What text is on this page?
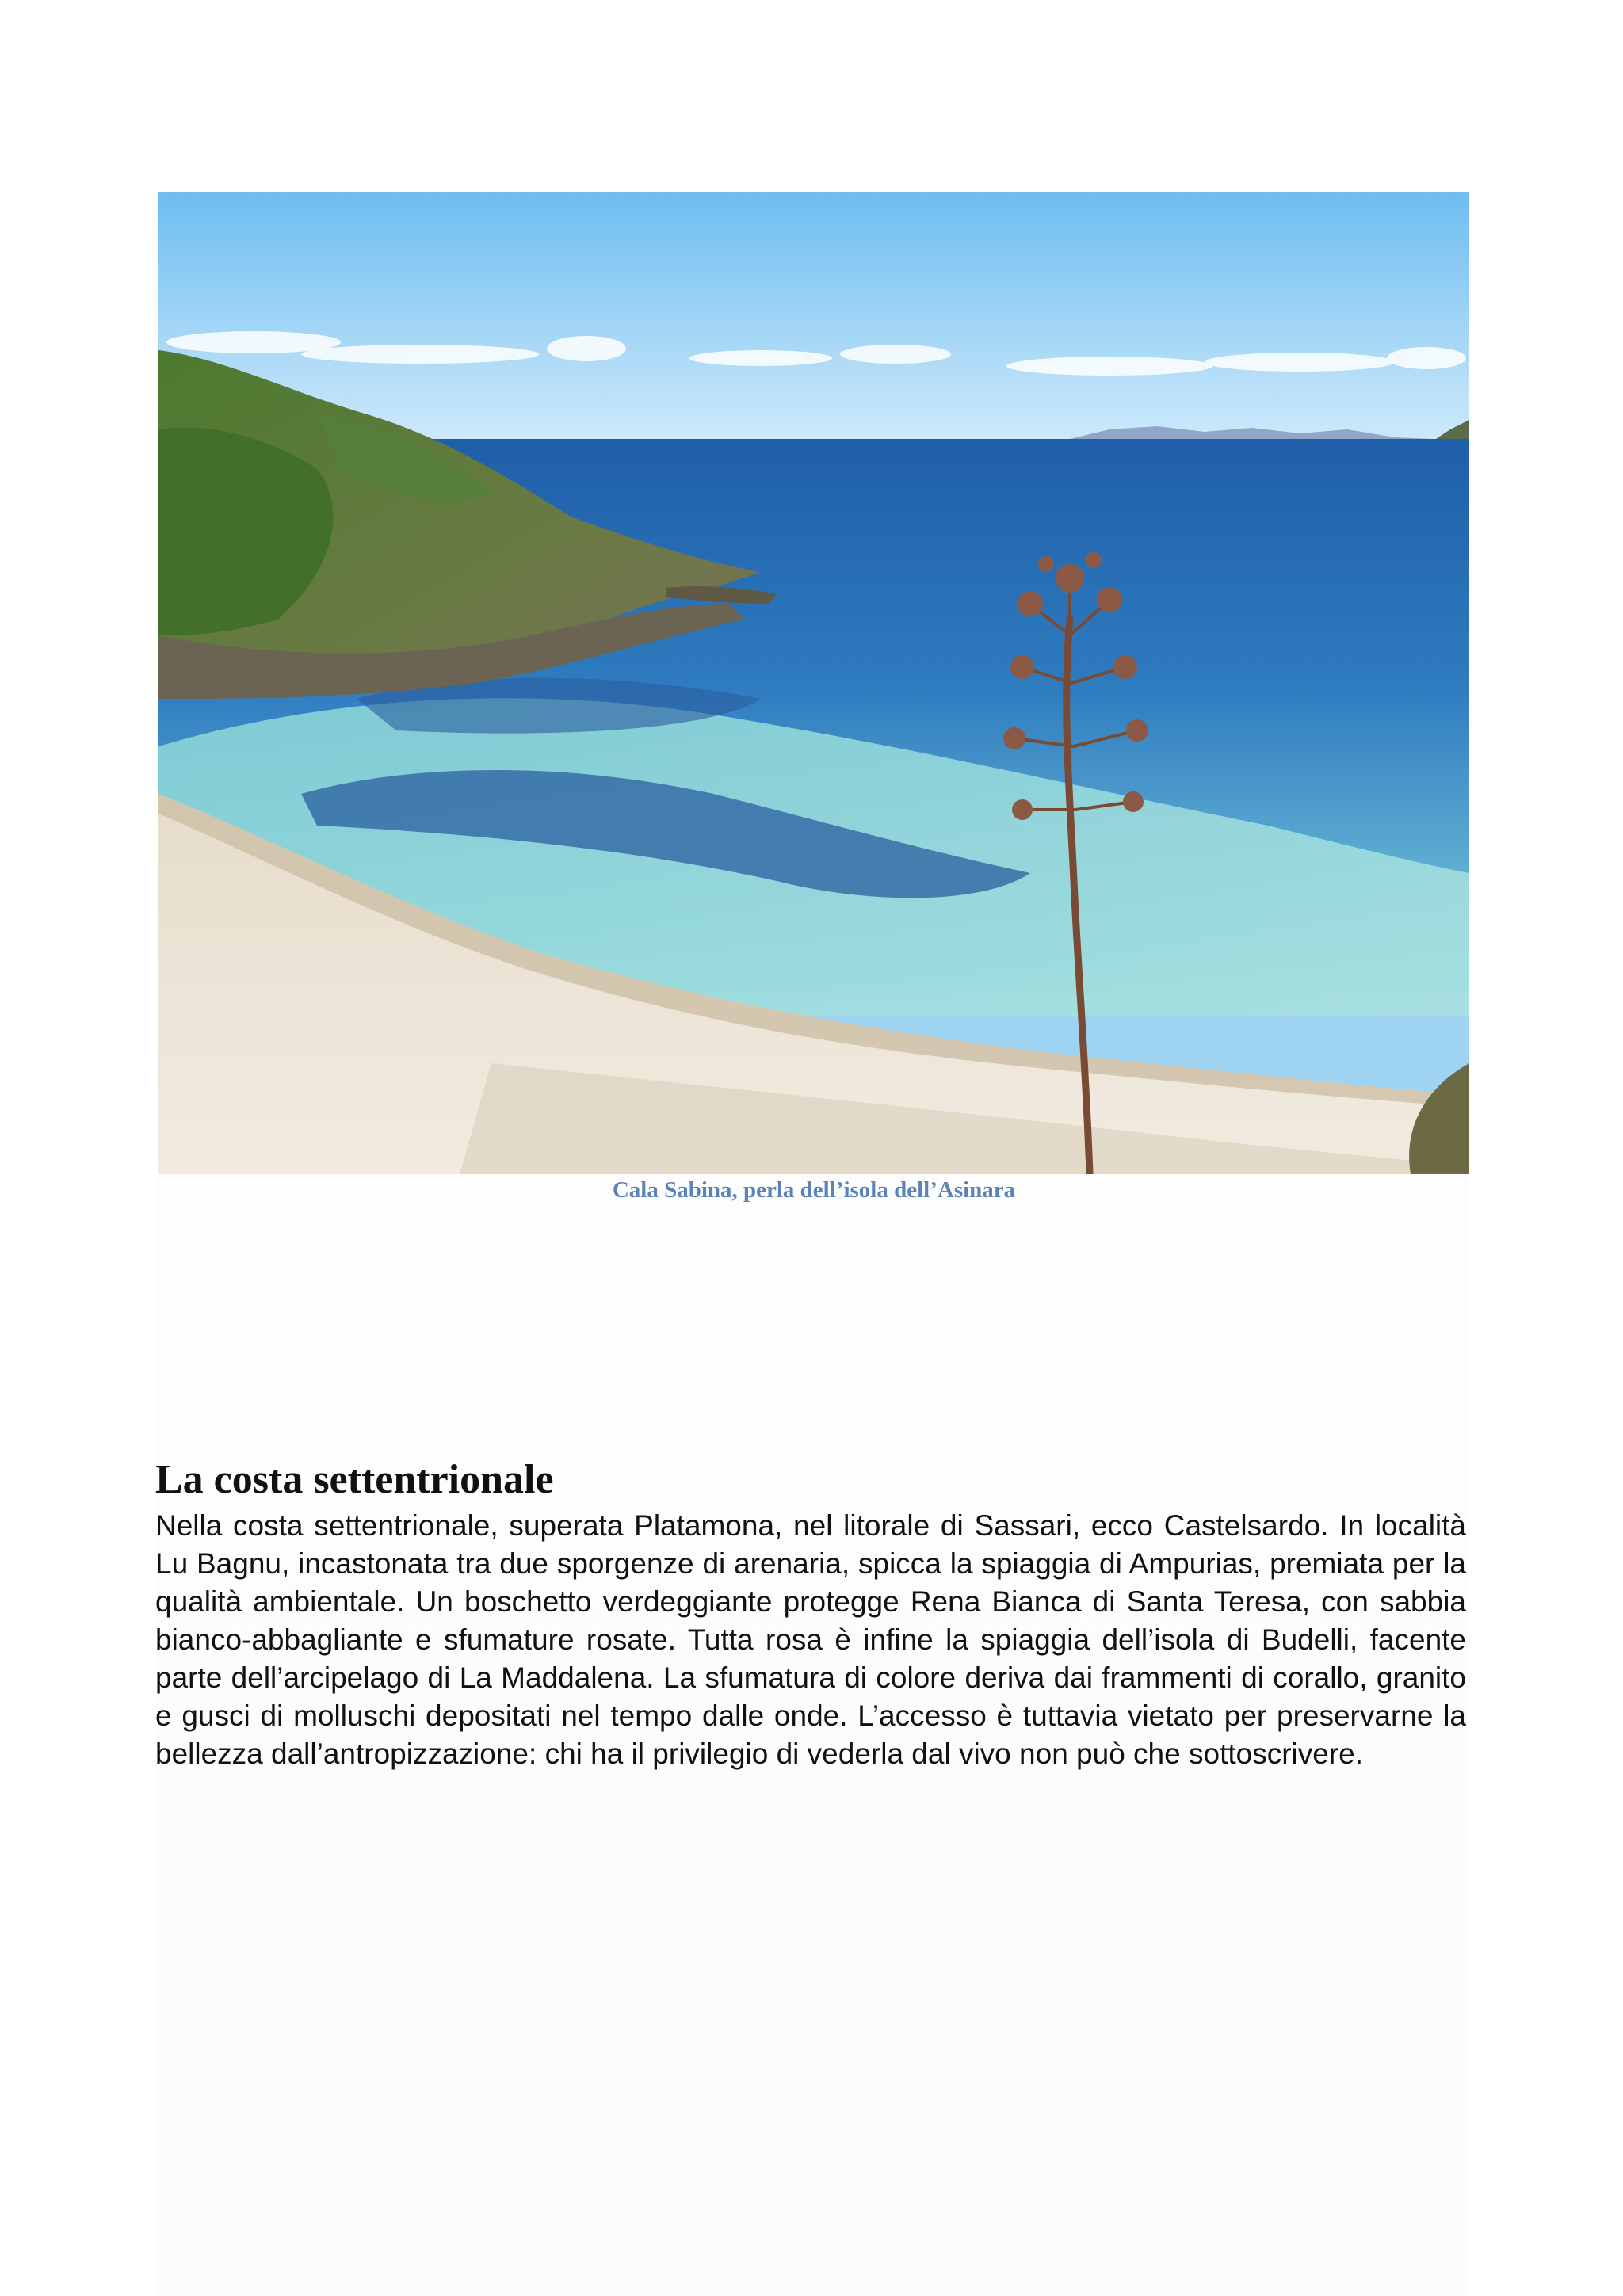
Cala Sabina, perla dell’isola dell’Asinara
La costa settentrionale

Nella costa settentrionale, superata Platamona, nel litorale di Sassari, ecco Castelsardo. In località Lu Bagnu, incastonata tra due sporgenze di arenaria, spicca la spiaggia di Ampurias, premiata per la qualità ambientale. Un boschetto verdeggiante protegge Rena Bianca di Santa Teresa, con sabbia bianco-abbagliante e sfumature rosate. Tutta rosa è infine la spiaggia dell’isola di Budelli, facente parte dell’arcipelago di La Maddalena. La sfumatura di colore deriva dai frammenti di corallo, granito e gusci di molluschi depositati nel tempo dalle onde. L’accesso è tuttavia vietato per preservarne la bellezza dall’antropizzazione: chi ha il privilegio di vederla dal vivo non può che sottoscrivere.
